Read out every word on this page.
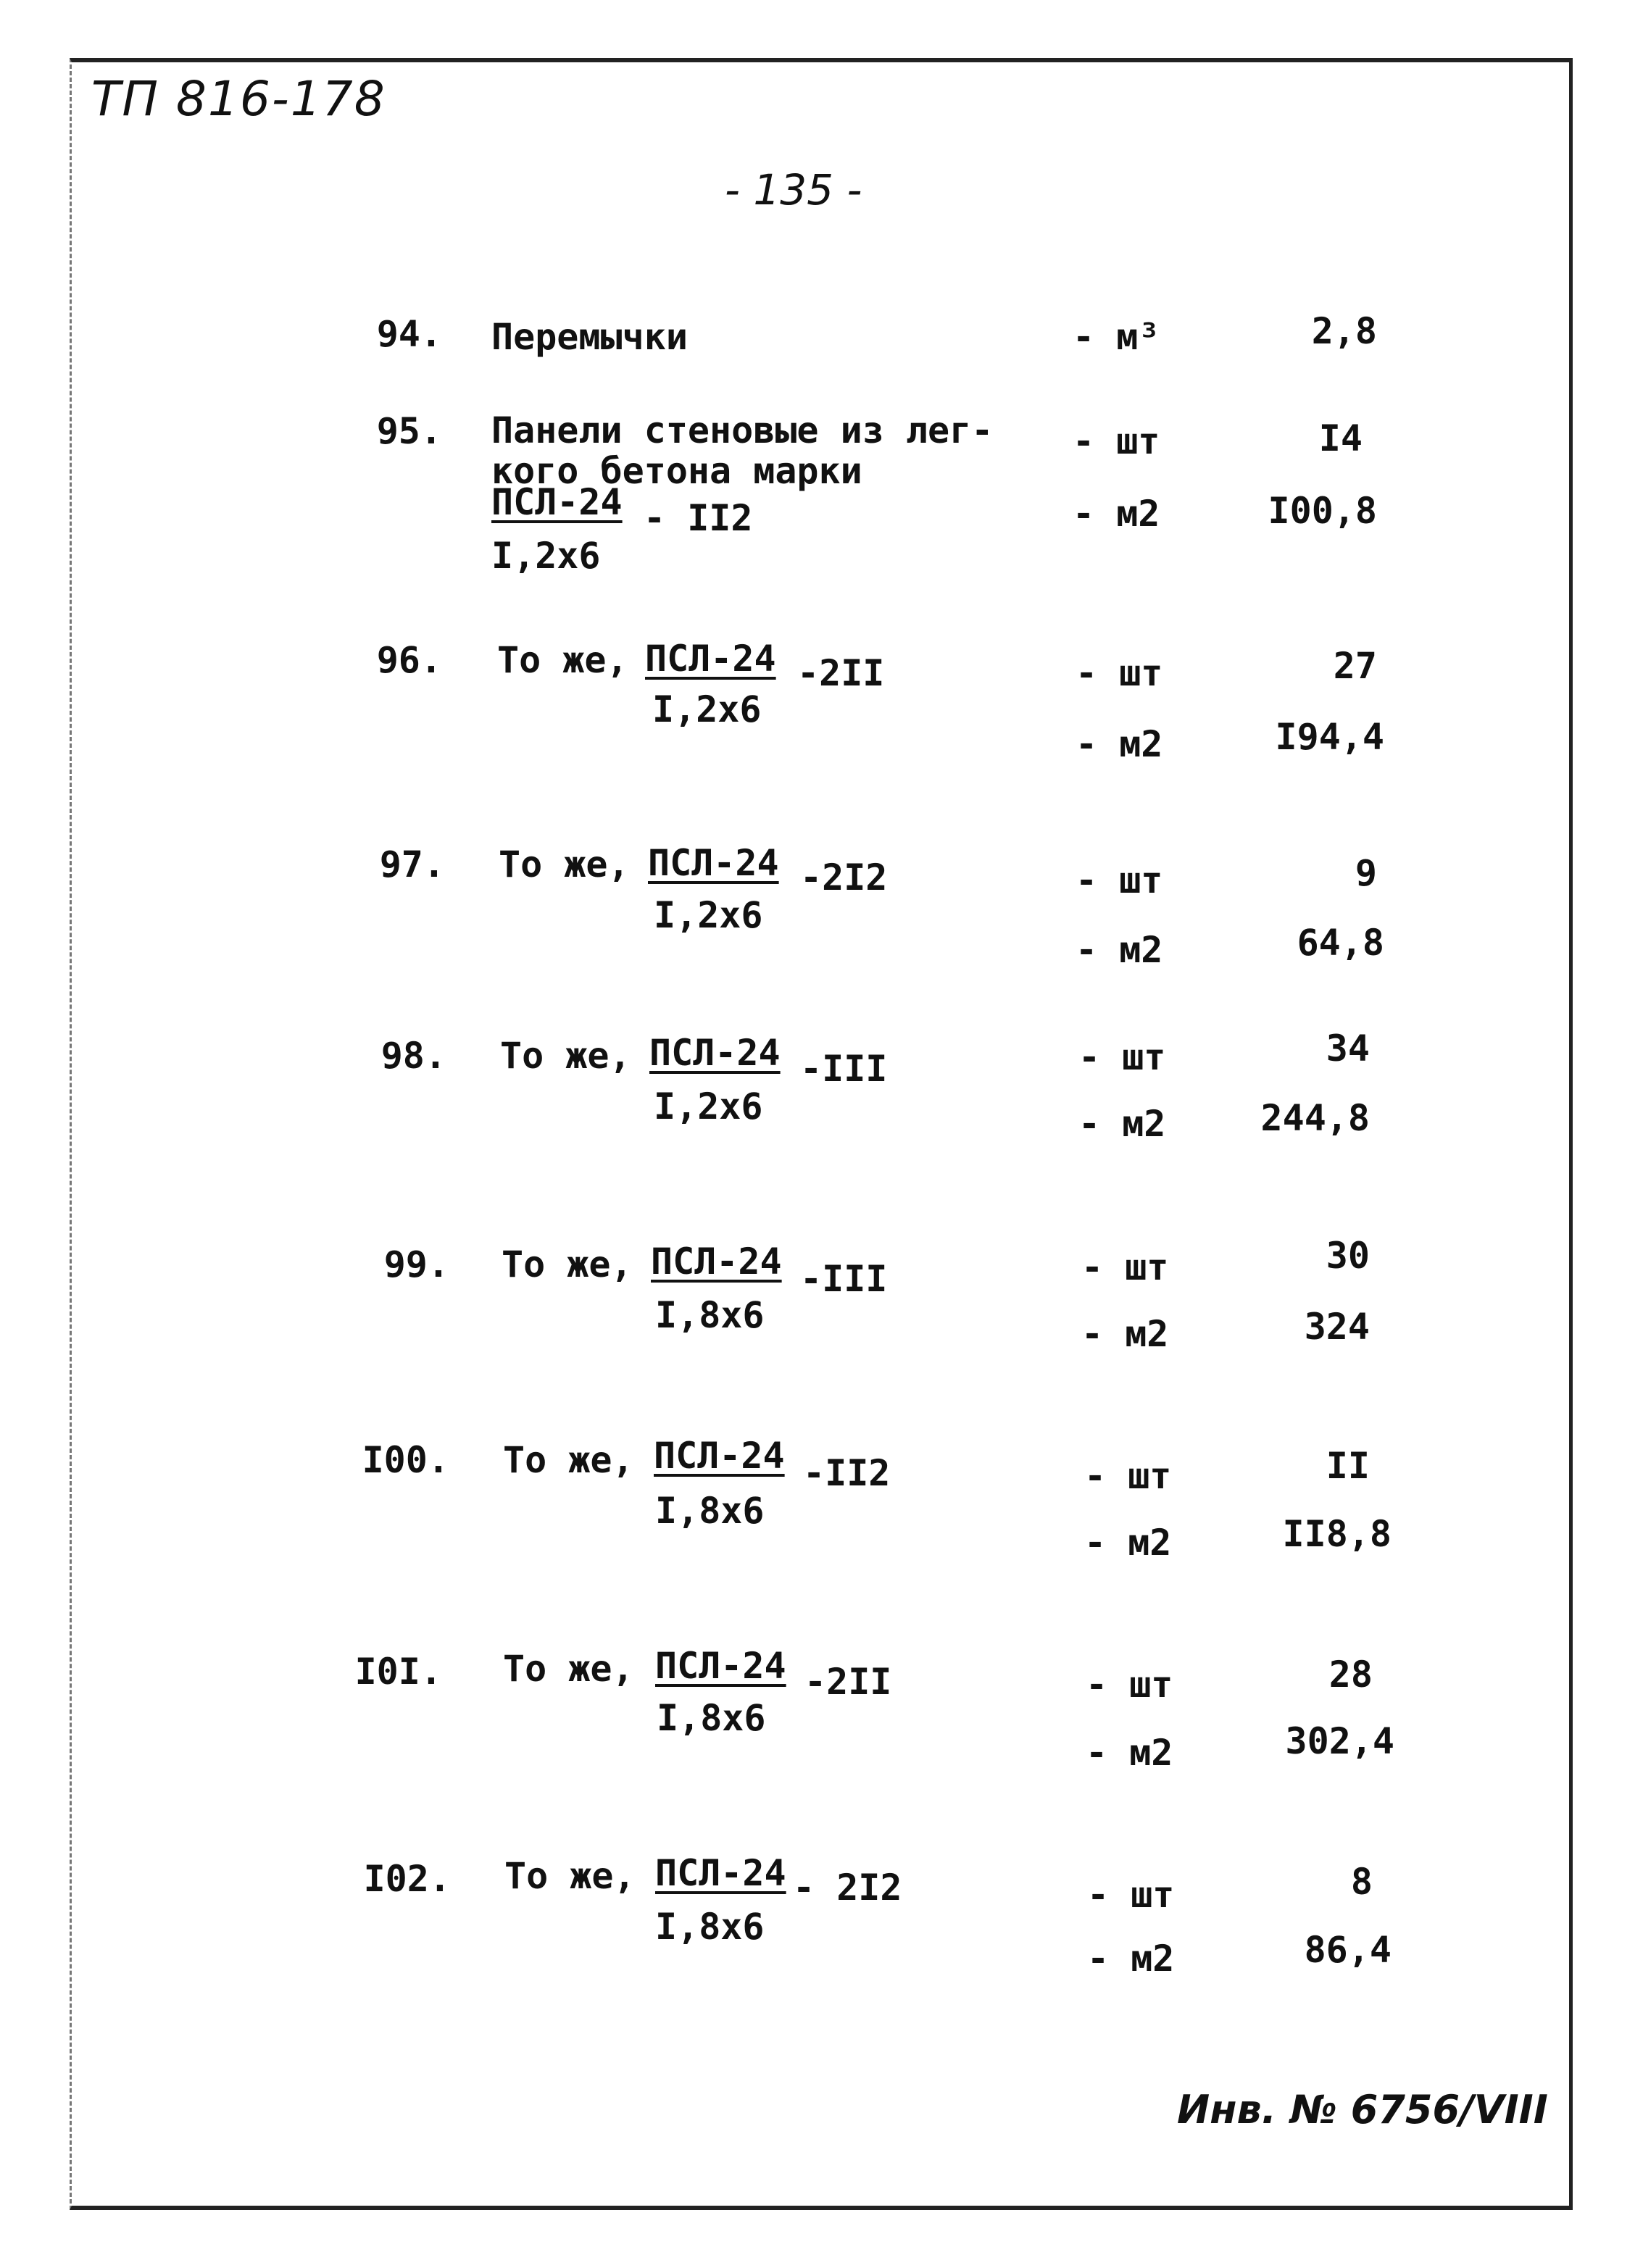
ТП 816-178
- 135 -
94. Перемычки	- м³	2,8
95. Панели стеновые из лег-
кого бетона марки
ПСЛ-24 - II2
I,2x6
- шт	I4
- м2	I00,8
96. То же, ПСЛ-24 -2II
I,2x6
- шт	27
- м2	I94,4
97. То же, ПСЛ-24 -2I2
I,2x6
- шт	9
- м2	64,8
98. То же, ПСЛ-24 -III
I,2x6
- шт	34
- м2	244,8
99. То же, ПСЛ-24 -III
I,8x6
- шт	30
- м2	324
I00. То же, ПСЛ-24 -II2
I,8x6
- шт	II
- м2	II8,8
I0I. То же, ПСЛ-24 -2II
I,8x6
- шт	28
- м2	302,4
I02. То же, ПСЛ-24 - 2I2
I,8x6
- шт	8
- м2	86,4
Инв. № 6756/VIII
